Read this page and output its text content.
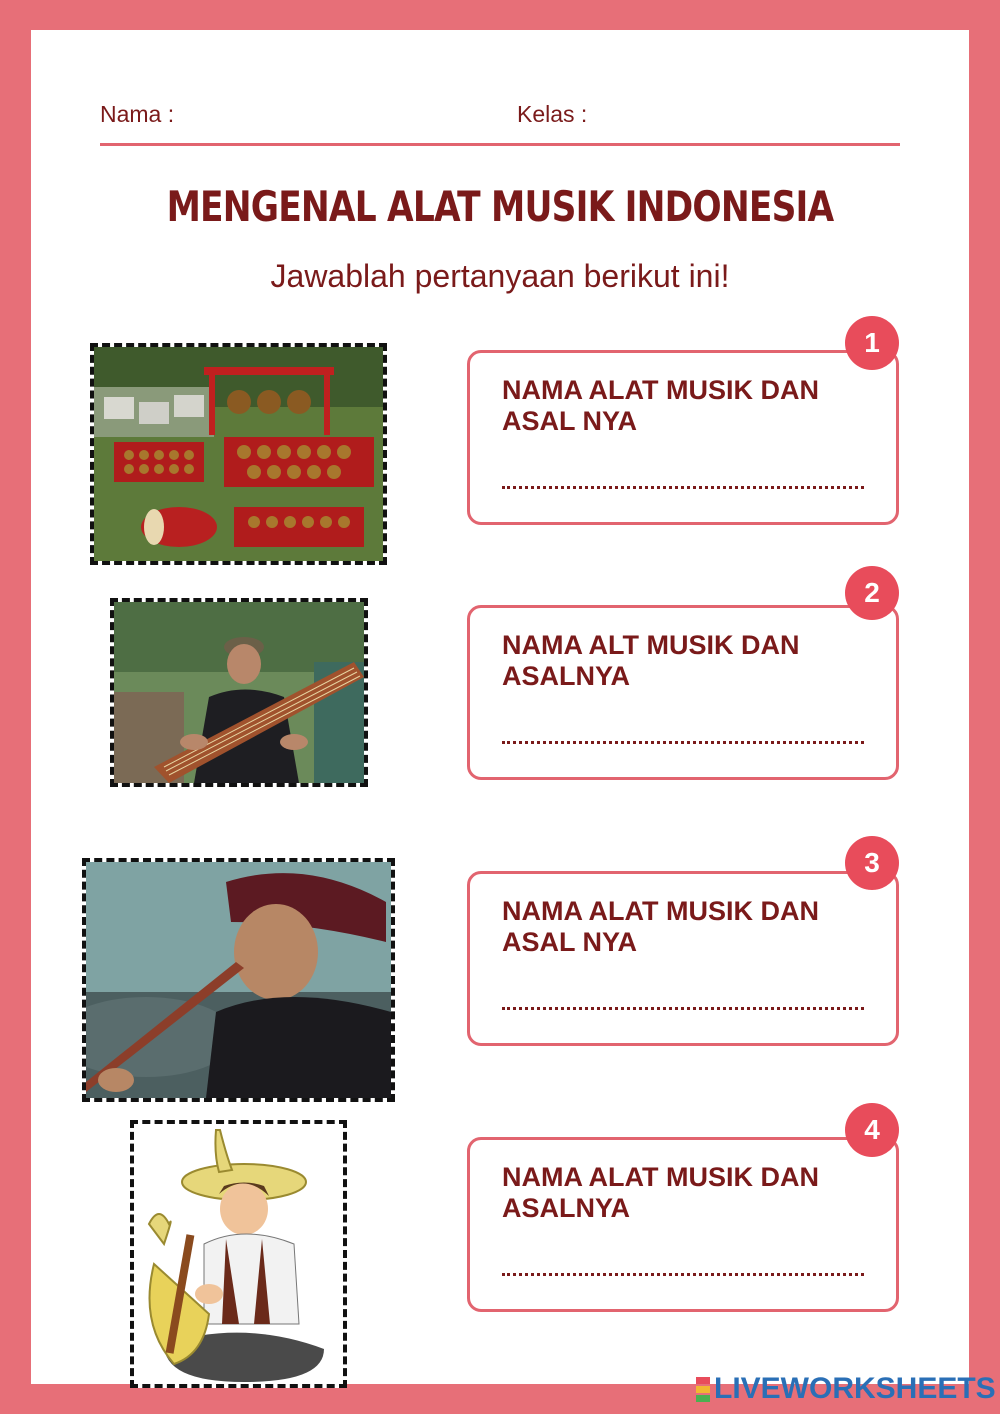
Nama :	Kelas :
MENGENAL ALAT MUSIK INDONESIA
Jawablah pertanyaan berikut ini!
NAMA ALAT MUSIK DAN ASAL NYA
1
NAMA ALT MUSIK DAN ASALNYA
2
NAMA ALAT MUSIK DAN ASAL NYA
3
NAMA ALAT MUSIK DAN ASALNYA
4
LIVEWORKSHEETS
